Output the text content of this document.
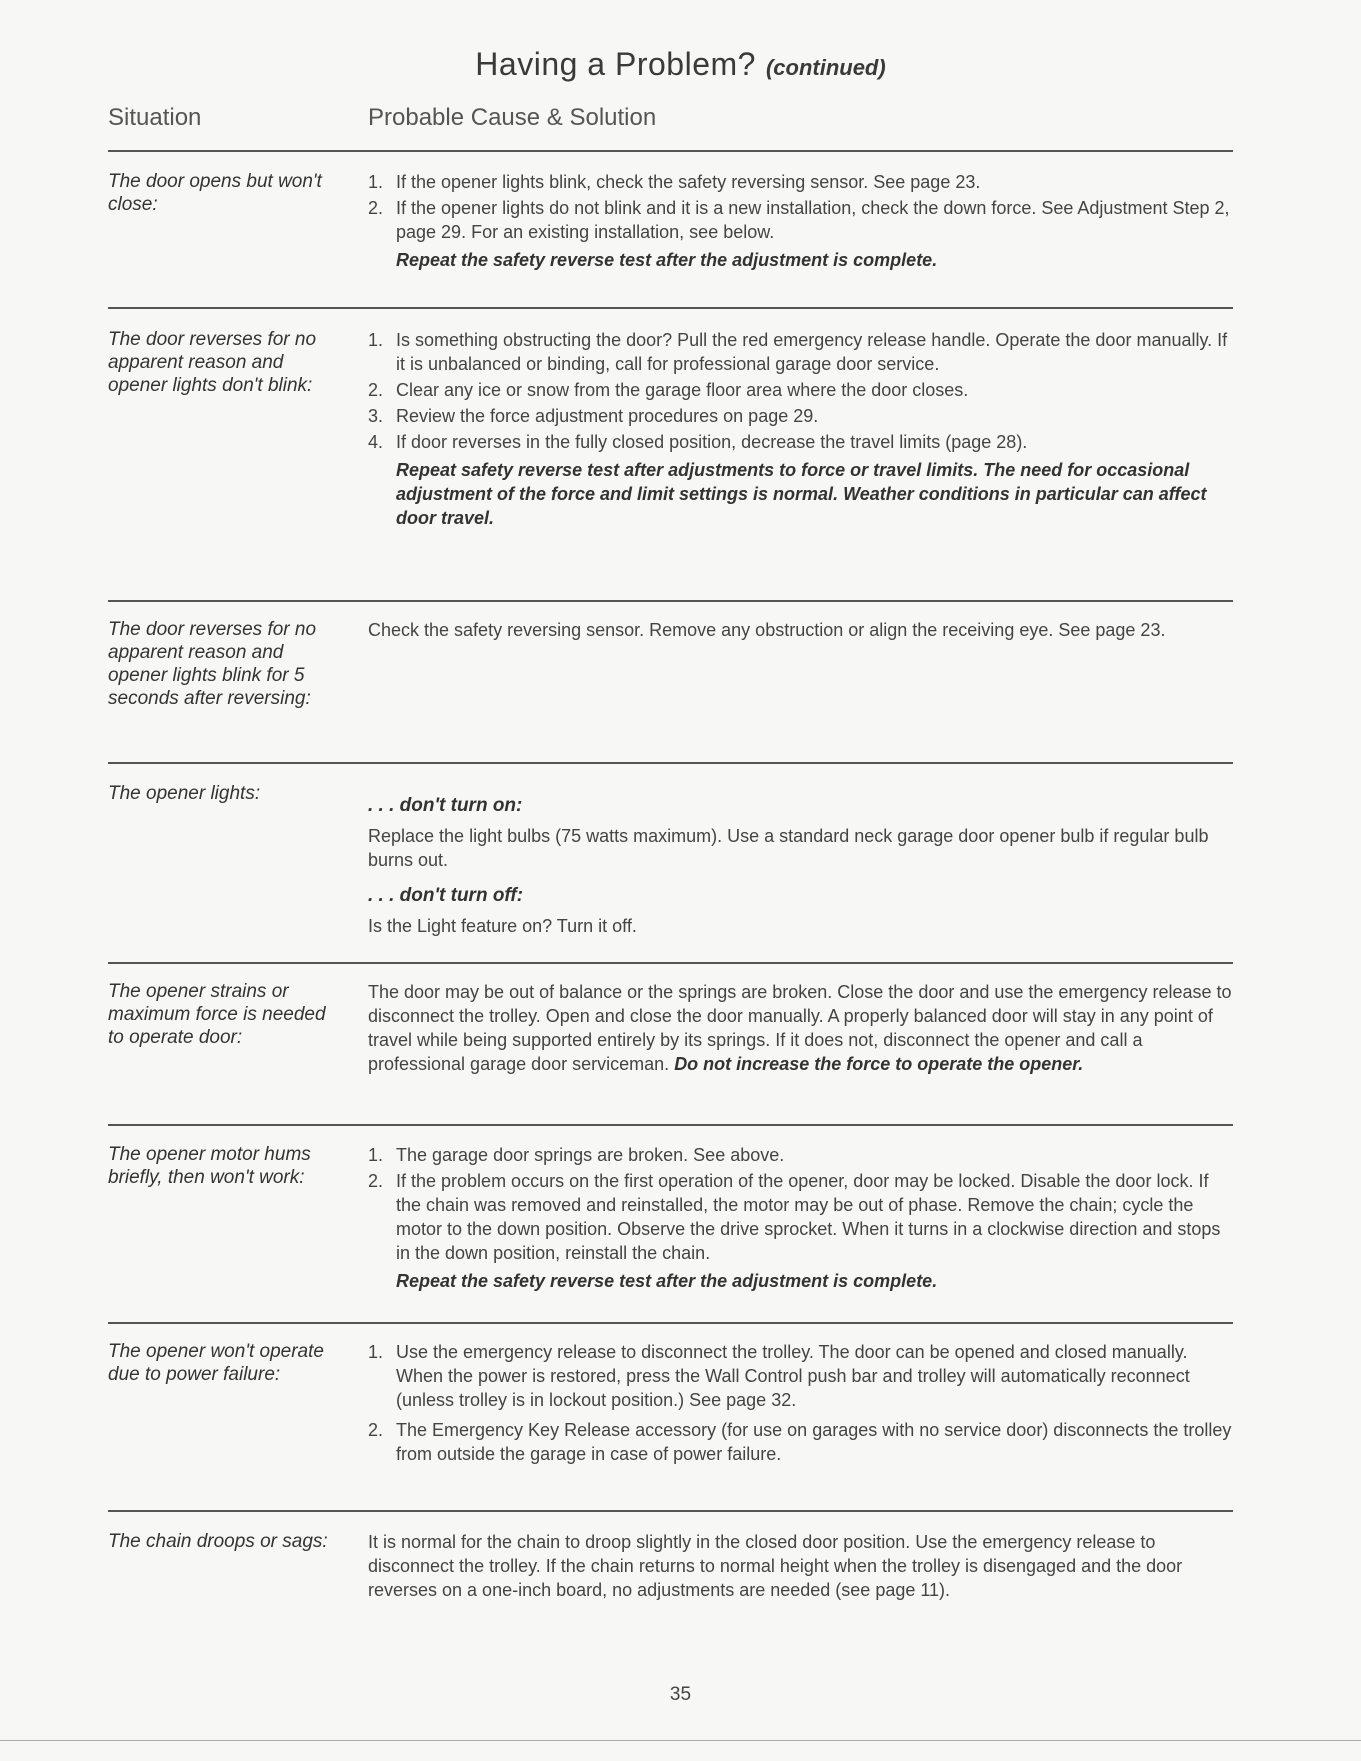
Having a Problem? (continued)
Situation	Probable Cause & Solution
The door opens but won't close:
1. If the opener lights blink, check the safety reversing sensor. See page 23.
2. If the opener lights do not blink and it is a new installation, check the down force. See Adjustment Step 2, page 29. For an existing installation, see below.
Repeat the safety reverse test after the adjustment is complete.
The door reverses for no apparent reason and opener lights don't blink:
1. Is something obstructing the door? Pull the red emergency release handle. Operate the door manually. If it is unbalanced or binding, call for professional garage door service.
2. Clear any ice or snow from the garage floor area where the door closes.
3. Review the force adjustment procedures on page 29.
4. If door reverses in the fully closed position, decrease the travel limits (page 28).
Repeat safety reverse test after adjustments to force or travel limits. The need for occasional adjustment of the force and limit settings is normal. Weather conditions in particular can affect door travel.
The door reverses for no apparent reason and opener lights blink for 5 seconds after reversing:
Check the safety reversing sensor. Remove any obstruction or align the receiving eye. See page 23.
The opener lights:
. . . don't turn on:
Replace the light bulbs (75 watts maximum). Use a standard neck garage door opener bulb if regular bulb burns out.
. . . don't turn off:
Is the Light feature on? Turn it off.
The opener strains or maximum force is needed to operate door:
The door may be out of balance or the springs are broken. Close the door and use the emergency release to disconnect the trolley. Open and close the door manually. A properly balanced door will stay in any point of travel while being supported entirely by its springs. If it does not, disconnect the opener and call a professional garage door serviceman. Do not increase the force to operate the opener.
The opener motor hums briefly, then won't work:
1. The garage door springs are broken. See above.
2. If the problem occurs on the first operation of the opener, door may be locked. Disable the door lock. If the chain was removed and reinstalled, the motor may be out of phase. Remove the chain; cycle the motor to the down position. Observe the drive sprocket. When it turns in a clockwise direction and stops in the down position, reinstall the chain.
Repeat the safety reverse test after the adjustment is complete.
The opener won't operate due to power failure:
1. Use the emergency release to disconnect the trolley. The door can be opened and closed manually. When the power is restored, press the Wall Control push bar and trolley will automatically reconnect (unless trolley is in lockout position.) See page 32.
2. The Emergency Key Release accessory (for use on garages with no service door) disconnects the trolley from outside the garage in case of power failure.
The chain droops or sags:	It is normal for the chain to droop slightly in the closed door position. Use the emergency release to disconnect the trolley. If the chain returns to normal height when the trolley is disengaged and the door reverses on a one-inch board, no adjustments are needed (see page 11).
35
